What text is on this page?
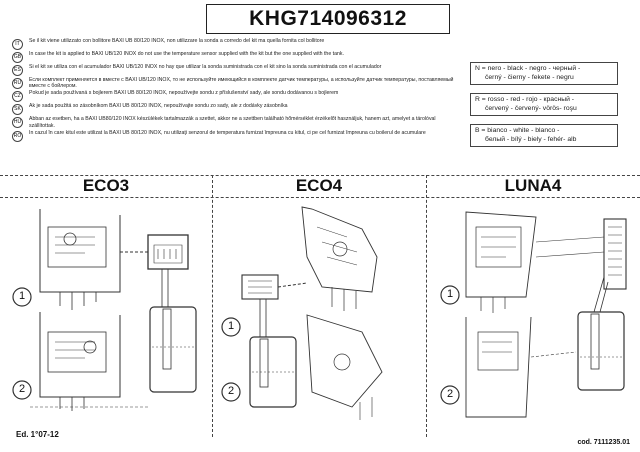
KHG714096312
IT	Se il kit viene utilizzato con bollitore BAXI UB 80/120 INOX, non utilizzare la sonda a corredo del kit ma quella fornita col bollitore
GB	In case the kit is applied to BAXI UB/120 INOX do not use the temperature sensor supplied with the kit but the one supplied with the tank.
ES	Si el kit se utiliza con el acumulador BAXI UB/120 INOX no hay que utilizar la sonda suministrada con el kit sino la sonda suministrada con el acumulador
RU	Если комплект применяется в вместе с BAXI UB/120 INOX, то не используйте имеющийся в комплекте датчик температуры, а используйте датчик температуры, поставляемый вместе с бойлером.
CZ	Pokud je sada používaná s bojlerem BAXI UB 80/120 INOX, nepoužívejte sondu z příslušenství sady, ale sondu dodávanou s bojlerem
SK	Ak je sada použitá so zásobníkom BAXI UB 80/120 INOX, nepoužívajte sondu zo sady, ale z dodávky zásobníka
HU	Abban az esetben, ha a BAXI UB80/120 INOX készülékek tartalmazzák a szettet, akkor ne a szettben található hőmérséklet érzékelőt használjuk, hanem azt, amelyet a tárolóval szállítottak.
RO	In cazul în care kitul este utilizat la BAXI UB 80/120 INOX, nu utilizaţi senzorul de temperatura furnizat împreuna cu kitul, ci pe cel furnizat împreuna cu boilerul de acumulare
N = nero - black - negro - черный -
černý - čierny - fekete - negru
R = rosso - red - rojo - красный -
červený - červený- vörös- roşu
B = bianco - white - blanco -
белый - bílý - biely - fehér- alb
ECO3	ECO4	LUNA4
1
2
1
2
1
2
Ed. 1°07-12
cod. 7111235.01
